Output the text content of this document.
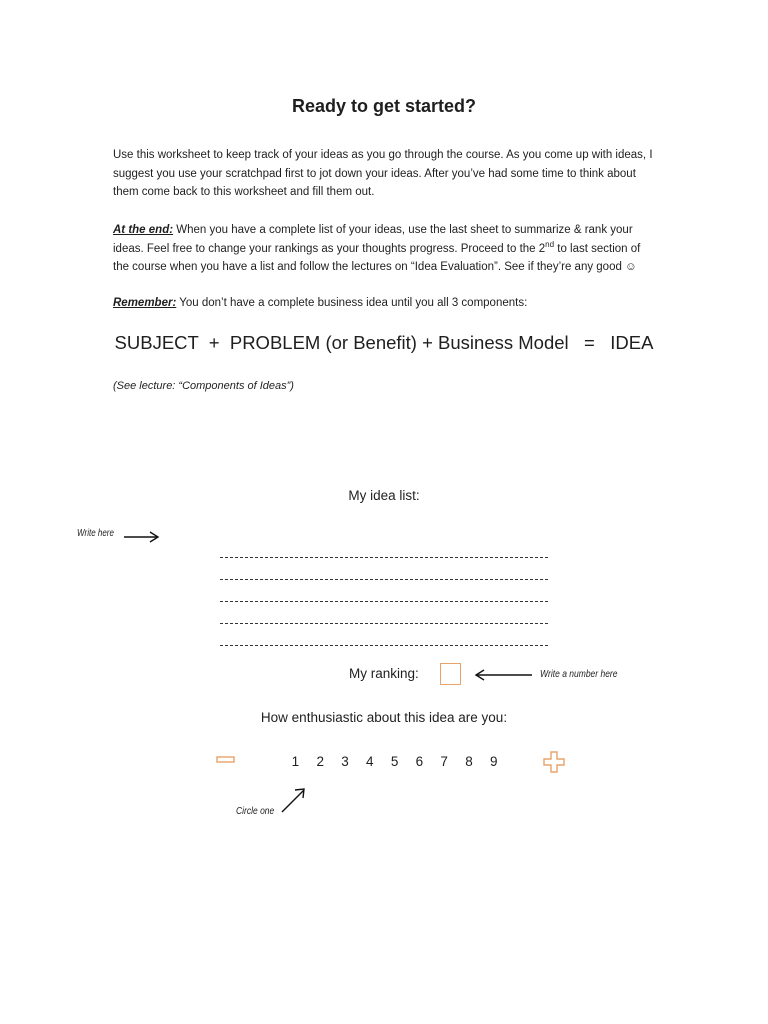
Ready to get started?

Use this worksheet to keep track of your ideas as you go through the course. As you come up with ideas, I suggest you use your scratchpad first to jot down your ideas. After you’ve had some time to think about them come back to this worksheet and fill them out.

At the end: When you have a complete list of your ideas, use the last sheet to summarize & rank your ideas. Feel free to change your rankings as your thoughts progress. Proceed to the 2nd to last section of the course when you have a list and follow the lectures on “Idea Evaluation”. See if they’re any good ☺

Remember: You don’t have a complete business idea until you all 3 components:

SUBJECT  +  PROBLEM (or Benefit) + Business Model   =   IDEA
(See lecture: “Components of Ideas”)
My idea list:
Write here
My ranking:	Write a number here
How enthusiastic about this idea are you:
1	2	3	4	5	6	7	8	9
Circle one
